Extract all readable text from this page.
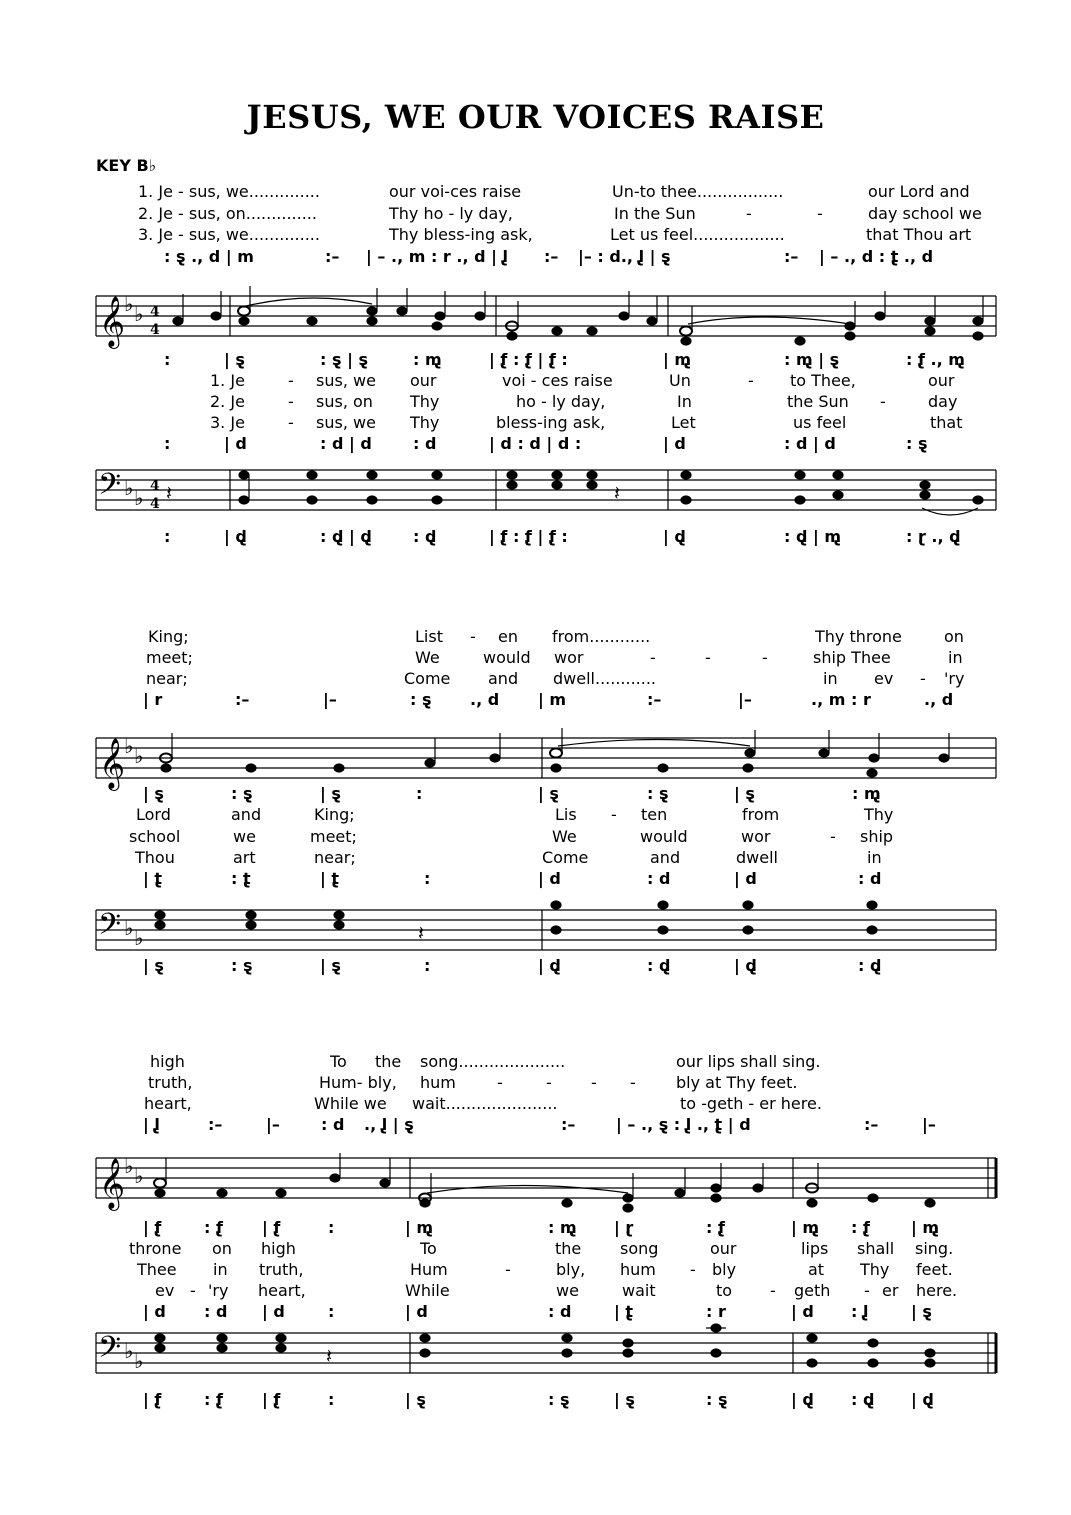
JESUS, WE OUR VOICES RAISE
KEY B♭
1. Je - sus, we..............	our voi-ces raise	Un-to thee.................	our Lord and
2. Je - sus, on..............	Thy ho - ly day,	In the Sun	-	-	day school we
3. Je - sus, we..............	Thy bless-ing ask,	Let us feel..................	that Thou art
: s̢ ., d | m	:– | – ., m : r ., d | l̢ :– |– : d., l̢ | s̢	:– | – ., d : t̢ ., d
𝄞
♭ ♭ 4
4
:	| s̢	: s̢ | s̢	: m̢	| f̢ : f̢ | f̢ :	| m̢	: m̢ | s̢	: f̢ ., m̢
1. Je	- sus, we our	voi - ces raise	Un	- to Thee,	our
2. Je	- sus, on Thy	ho - ly day,	In	the Sun -	day
3. Je	- sus, we Thy	bless-ing ask,	Let	us feel	that
:	| d	: d | d	: d	| d : d | d :	| d	: d | d	: s̢
𝄢 ♭ ♭ 4
4 𝄽	𝄽
:	| d̢	: d̢ | d̢	: d̢	| f̢ : f̢ | f̢ :	| d̢	: d̢ | m̢	: r̢ ., d̢
King;	List - en from............	Thy throne	on
meet;	We	would wor	-	-	-	ship Thee	in
near;	Come and dwell............	in ev - 'ry
| r	:–	|–	: s̢ ., d | m	:–	|–	., m : r	., d
𝄞
♭ ♭
| s̢	: s̢	| s̢	:	| s̢	: s̢	| s̢	: m̢
Lord	and	King;	Lis - ten	from	Thy
school	we	meet;	We	would	wor	- ship
Thou	art	near;	Come	and	dwell	in
| t̢	: t̢	| t̢	:	| d	: d	| d	: d
𝄢 ♭ ♭	𝄽
| s̢	: s̢	| s̢	:	| d̢	: d̢	| d̢	: d̢
high	To the song.....................	our lips shall sing.
truth,	Hum- bly, hum	-	- - -	bly at Thy feet.
heart,	While we wait......................	to -geth - er here.
| l̢	:–	|–	: d ., l̢ | s̢	:–	| – ., s̢ : l̢ ., t̢ | d	:–	|–
𝄞
♭ ♭
| f̢	: f̢ | f̢	:	| m̢	: m̢ | r̢	: f̢	| m̢ : f̢	| m̢
throne on high	To	the song	our	lips shall sing.
Thee in truth,	Hum	-	bly, hum - bly	at Thy feet.
ev - 'ry heart,	While	we	wait	to - geth - er here.
| d : d | d	:	| d	: d	| t̢	: r	| d : l̢	| s̢
𝄢 ♭ ♭	𝄽
| f̢	: f̢ | f̢	:	| s̢	: s̢	| s̢	: s̢	| d̢ : d̢ | d̢
